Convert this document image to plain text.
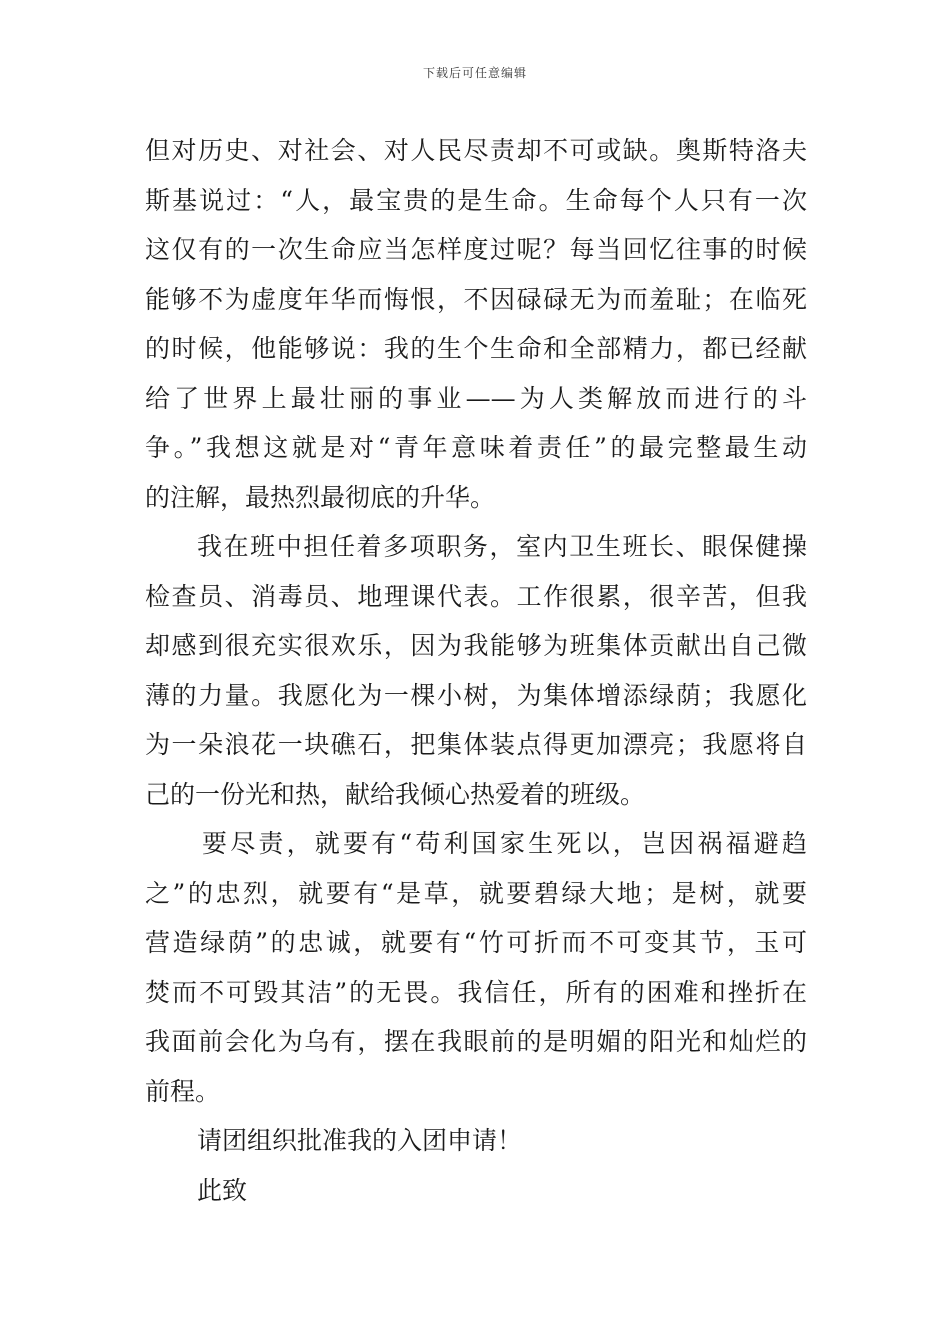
下载后可任意编辑
但对历史、对社会、对人民尽责却不可或缺。奥斯特洛夫
斯基说过：“人，最宝贵的是生命。生命每个人只有一次
这仅有的一次生命应当怎样度过呢？每当回忆往事的时候
能够不为虚度年华而悔恨，不因碌碌无为而羞耻；在临死
的时候，他能够说：我的生个生命和全部精力，都已经献
给了世界上最壮丽的事业——为人类解放而进行的斗
争。”我想这就是对“青年意味着责任”的最完整最生动
的注解，最热烈最彻底的升华。
我在班中担任着多项职务，室内卫生班长、眼保健操
检查员、消毒员、地理课代表。工作很累，很辛苦，但我
却感到很充实很欢乐，因为我能够为班集体贡献出自己微
薄的力量。我愿化为一棵小树，为集体增添绿荫；我愿化
为一朵浪花一块礁石，把集体装点得更加漂亮；我愿将自
己的一份光和热，献给我倾心热爱着的班级。
要尽责，就要有“苟利国家生死以，岂因祸福避趋
之”的忠烈，就要有“是草，就要碧绿大地；是树，就要
营造绿荫”的忠诚，就要有“竹可折而不可变其节，玉可
焚而不可毁其洁”的无畏。我信任，所有的困难和挫折在
我面前会化为乌有，摆在我眼前的是明媚的阳光和灿烂的
前程。
请团组织批准我的入团申请！
此致
